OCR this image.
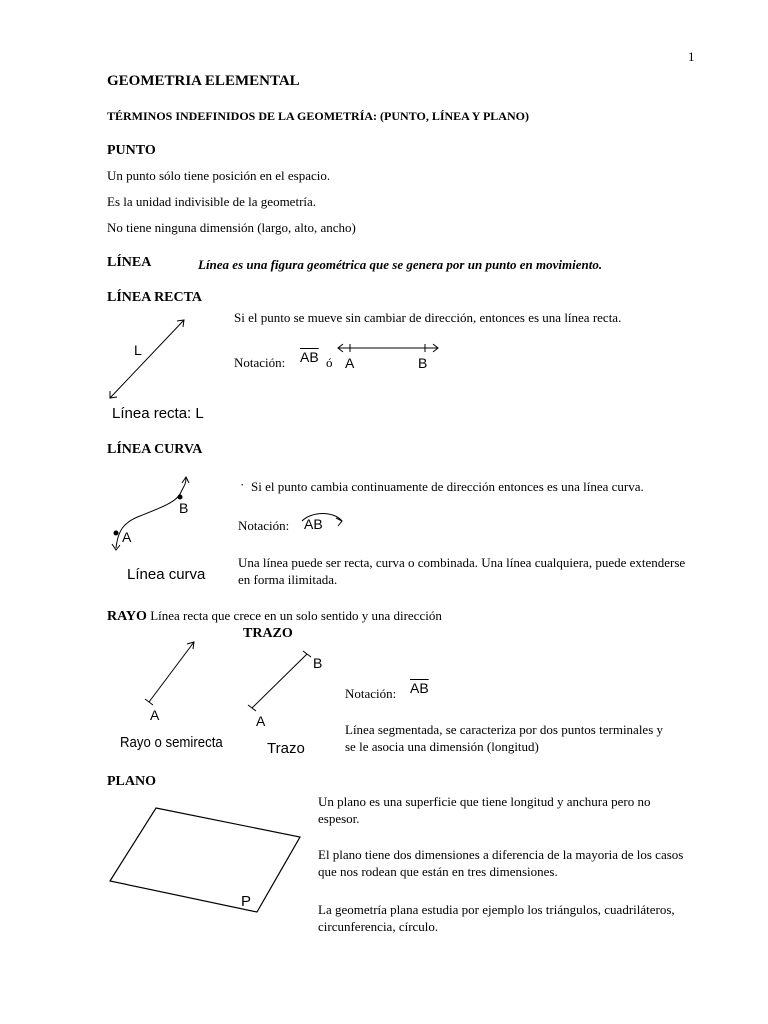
1
GEOMETRIA ELEMENTAL
TÉRMINOS INDEFINIDOS DE LA GEOMETRÍA: (PUNTO, LÍNEA Y PLANO)
PUNTO
Un punto sólo tiene posición en el espacio.
Es la unidad indivisible de la geometría.
No tiene ninguna dimensión (largo, alto, ancho)
LÍNEA	Línea es una figura geométrica que se genera por un punto en movimiento.
LÍNEA RECTA
Si el punto se mueve sin cambiar de dirección, entonces es una línea recta.
L
Línea recta: L
Notación: $\overline{AB}$ ó A	B
LÍNEA CURVA
· Si el punto cambia continuamente de dirección entonces es una línea curva.
Notación: AB
Una línea puede ser recta, curva o combinada. Una línea cualquiera, puede extenderse en forma ilimitada.
B
A
Línea curva
RAYO Línea recta que crece en un solo sentido y una dirección
TRAZO
A
Rayo o semirecta
B
A
Trazo
Notación: $\overline{AB}$
Línea segmentada, se caracteriza por dos puntos terminales y se le asocia una dimensión (longitud)
PLANO
P
Un plano es una superficie que tiene longitud y anchura pero no espesor.
El plano tiene dos dimensiones a diferencia de la mayoria de los casos que nos rodean que están en tres dimensiones.
La geometría plana estudia por ejemplo los triángulos, cuadriláteros, circunferencia, círculo.
